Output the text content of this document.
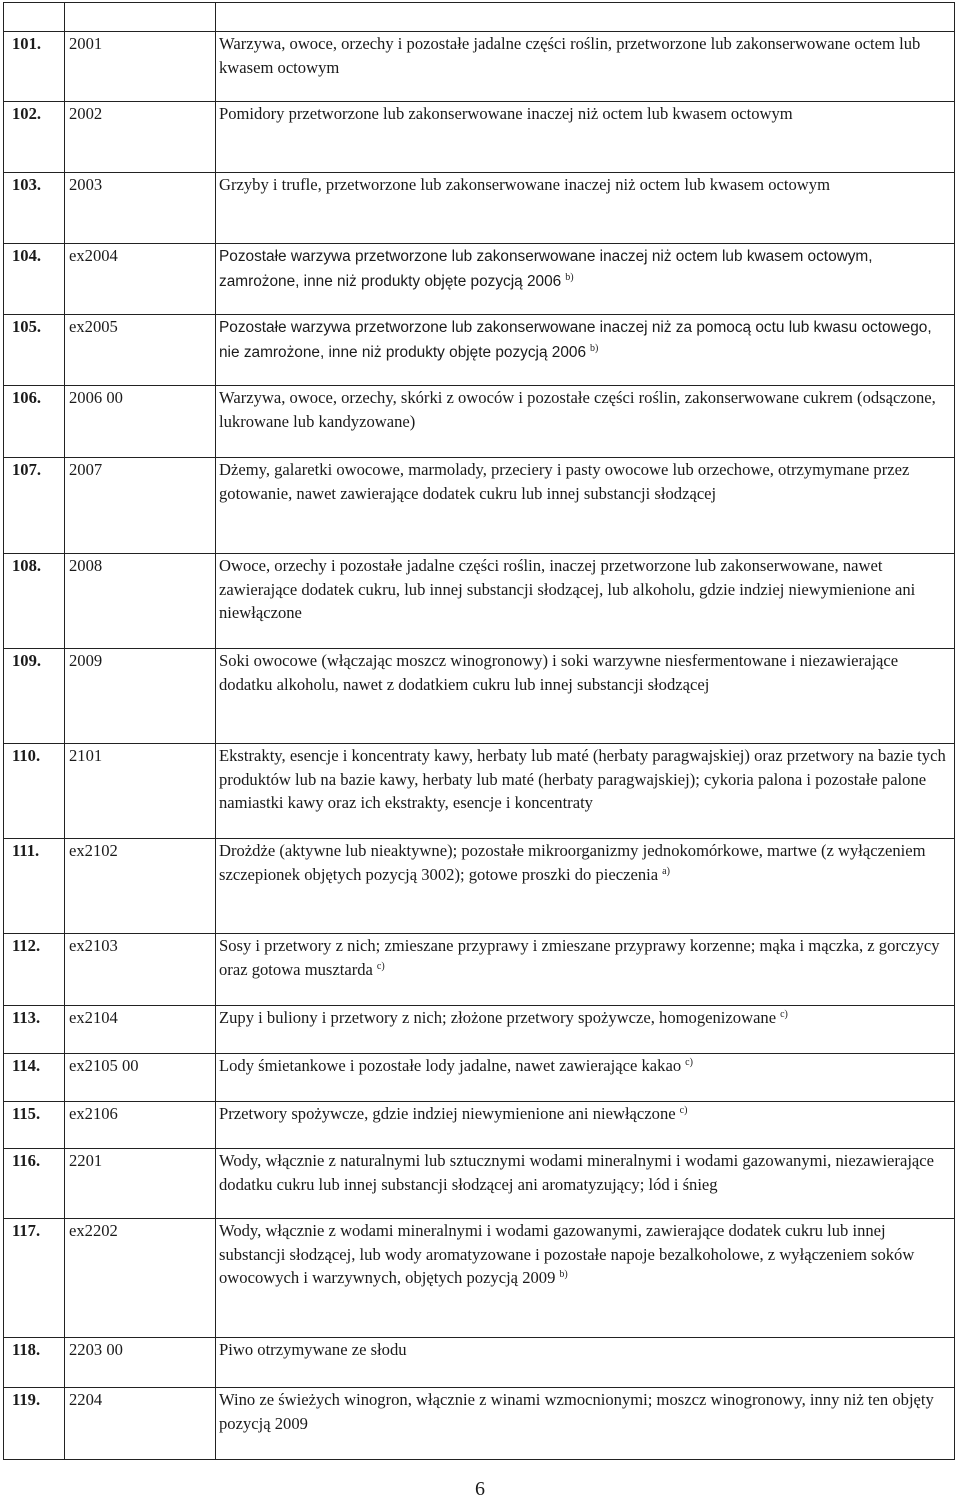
101.	2001	Warzywa, owoce, orzechy i pozostałe jadalne części roślin, przetworzone lub zakonserwowane octem lub kwasem octowym

102.	2002	Pomidory przetworzone lub zakonserwowane inaczej niż octem lub kwasem octowym

103.	2003	Grzyby i trufle, przetworzone lub zakonserwowane inaczej niż octem lub kwasem octowym

104.	ex2004	Pozostałe warzywa przetworzone lub zakonserwowane inaczej niż octem lub kwasem octowym, zamrożone, inne niż produkty objęte pozycją 2006 $^{b)}$

105.	ex2005	Pozostałe warzywa przetworzone lub zakonserwowane inaczej niż za pomocą octu lub kwasu octowego, nie zamrożone, inne niż produkty objęte pozycją 2006 $^{b)}$

106.	2006 00	Warzywa, owoce, orzechy, skórki z owoców i pozostałe części roślin, zakonserwowane cukrem (odsączone, lukrowane lub kandyzowane)

107.	2007	Dżemy, galaretki owocowe, marmolady, przeciery i pasty owocowe lub orzechowe, otrzymymane przez gotowanie, nawet zawierające dodatek cukru lub innej substancji słodzącej

108.	2008	Owoce, orzechy i pozostałe jadalne części roślin, inaczej przetworzone lub zakonserwowane, nawet zawierające dodatek cukru, lub innej substancji słodzącej, lub alkoholu, gdzie indziej niewymienione ani niewłączone

109.	2009	Soki owocowe (włączając moszcz winogronowy) i soki warzywne niesfermentowane i niezawierające dodatku alkoholu, nawet z dodatkiem cukru lub innej substancji słodzącej

110.	2101	Ekstrakty, esencje i koncentraty kawy, herbaty lub maté (herbaty paragwajskiej) oraz przetwory na bazie tych produktów lub na bazie kawy, herbaty lub maté (herbaty paragwajskiej); cykoria palona i pozostałe palone namiastki kawy oraz ich ekstrakty, esencje i koncentraty

111.	ex2102	Drożdże (aktywne lub nieaktywne); pozostałe mikroorganizmy jednokomórkowe, martwe (z wyłączeniem szczepionek objętych pozycją 3002); gotowe proszki do pieczenia $^{a)}$

112.	ex2103	Sosy i przetwory z nich; zmieszane przyprawy i zmieszane przyprawy korzenne; mąka i mączka, z gorczycy oraz gotowa musztarda $^{c)}$

113.	ex2104	Zupy i buliony i przetwory z nich; złożone przetwory spożywcze, homogenizowane $^{c)}$

114.	ex2105 00	Lody śmietankowe i pozostałe lody jadalne, nawet zawierające kakao $^{c)}$

115.	ex2106	Przetwory spożywcze, gdzie indziej niewymienione ani niewłączone $^{c)}$

116.	2201	Wody, włącznie z naturalnymi lub sztucznymi wodami mineralnymi i wodami gazowanymi, niezawierające dodatku cukru lub innej substancji słodzącej ani aromatyzujący; lód i śnieg

117.	ex2202	Wody, włącznie z wodami mineralnymi i wodami gazowanymi, zawierające dodatek cukru lub innej substancji słodzącej, lub wody aromatyzowane i pozostałe napoje bezalkoholowe, z wyłączeniem soków owocowych i warzywnych, objętych pozycją 2009 $^{b)}$

118.	2203 00	Piwo otrzymywane ze słodu

119.	2204	Wino ze świeżych winogron, włącznie z winami wzmocnionymi; moszcz winogronowy, inny niż ten objęty pozycją 2009
6
